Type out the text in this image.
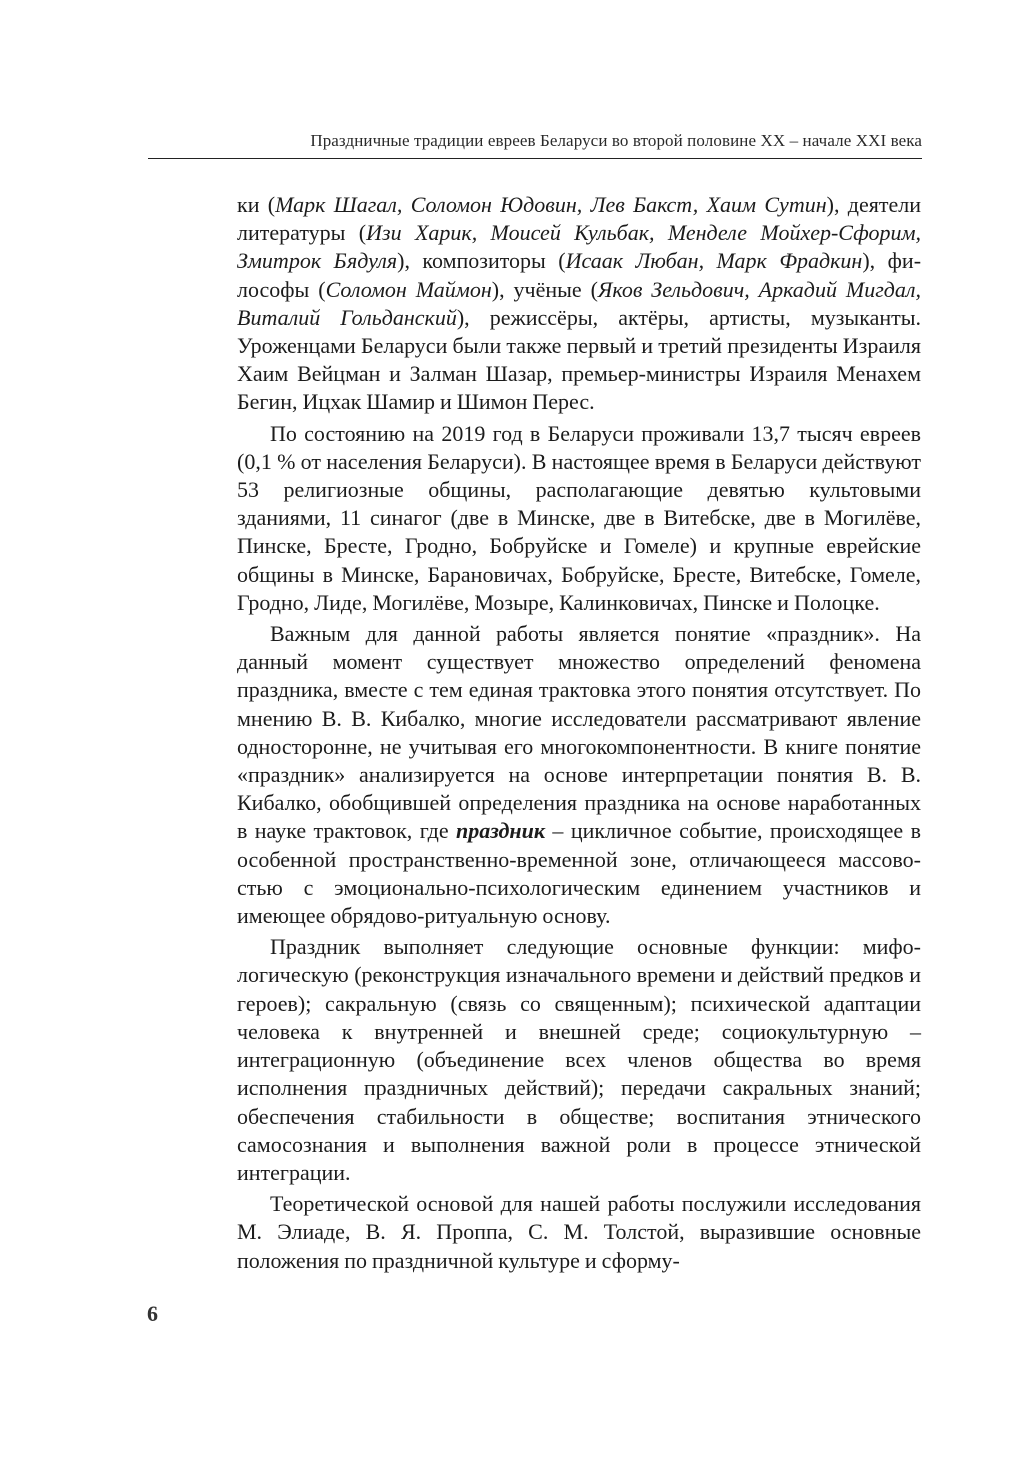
Праздничные традиции евреев Беларуси во второй половине XX – начале XXI века

ки (Марк Шагал, Соломон Юдовин, Лев Бакст, Хаим Сутин), деятели литературы (Изи Харик, Моисей Кульбак, Менделе Мойхер-Сфорим, Змитрок Бядуля), композиторы (Исаак Любан, Марк Фрадкин), философы (Соломон Маймон), учёные (Яков Зельдович, Аркадий Мигдал, Виталий Гольданский), режиссёры, актёры, артисты, музыканты. Уроженцами Беларуси были также первый и третий президенты Израиля Хаим Вейцман и Залман Шазар, премьер-министры Израиля Менахем Бегин, Ицхак Шамир и Шимон Перес.

По состоянию на 2019 год в Беларуси проживали 13,7 тысяч евреев (0,1 % от населения Беларуси). В настоящее время в Беларуси действуют 53 религиозные общины, располагающие девятью культовыми зданиями, 11 синагог (две в Минске, две в Витебске, две в Могилёве, Пинске, Бресте, Гродно, Бобруйске и Гомеле) и крупные еврейские общины в Минске, Барановичах, Бобруйске, Бресте, Витебске, Гомеле, Гродно, Лиде, Могилёве, Мозыре, Калинковичах, Пинске и Полоцке.

Важным для данной работы является понятие «праздник». На данный момент существует множество определений феномена праздника, вместе с тем единая трактовка этого понятия отсутствует. По мнению В. В. Кибалко, многие исследователи рассматривают явление односторонне, не учитывая его многокомпонентности. В книге понятие «праздник» анализируется на основе интерпретации понятия В. В. Кибалко, обобщившей определения праздника на основе наработанных в науке трактовок, где праздник – цикличное событие, происходящее в особенной пространственно-временной зоне, отличающееся массовостью с эмоционально-психологическим единением участников и имеющее обрядово-ритуальную основу.

Праздник выполняет следующие основные функции: мифологическую (реконструкция изначального времени и действий предков и героев); сакральную (связь со священным); психической адаптации человека к внутренней и внешней среде; социокультурную – интеграционную (объединение всех членов общества во время исполнения праздничных действий); передачи сакральных знаний; обеспечения стабильности в обществе; воспитания этнического самосознания и выполнения важной роли в процессе этнической интеграции.

Теоретической основой для нашей работы послужили исследования М. Элиаде, В. Я. Проппа, С. М. Толстой, выразившие основные положения по праздничной культуре и сформу-

6
